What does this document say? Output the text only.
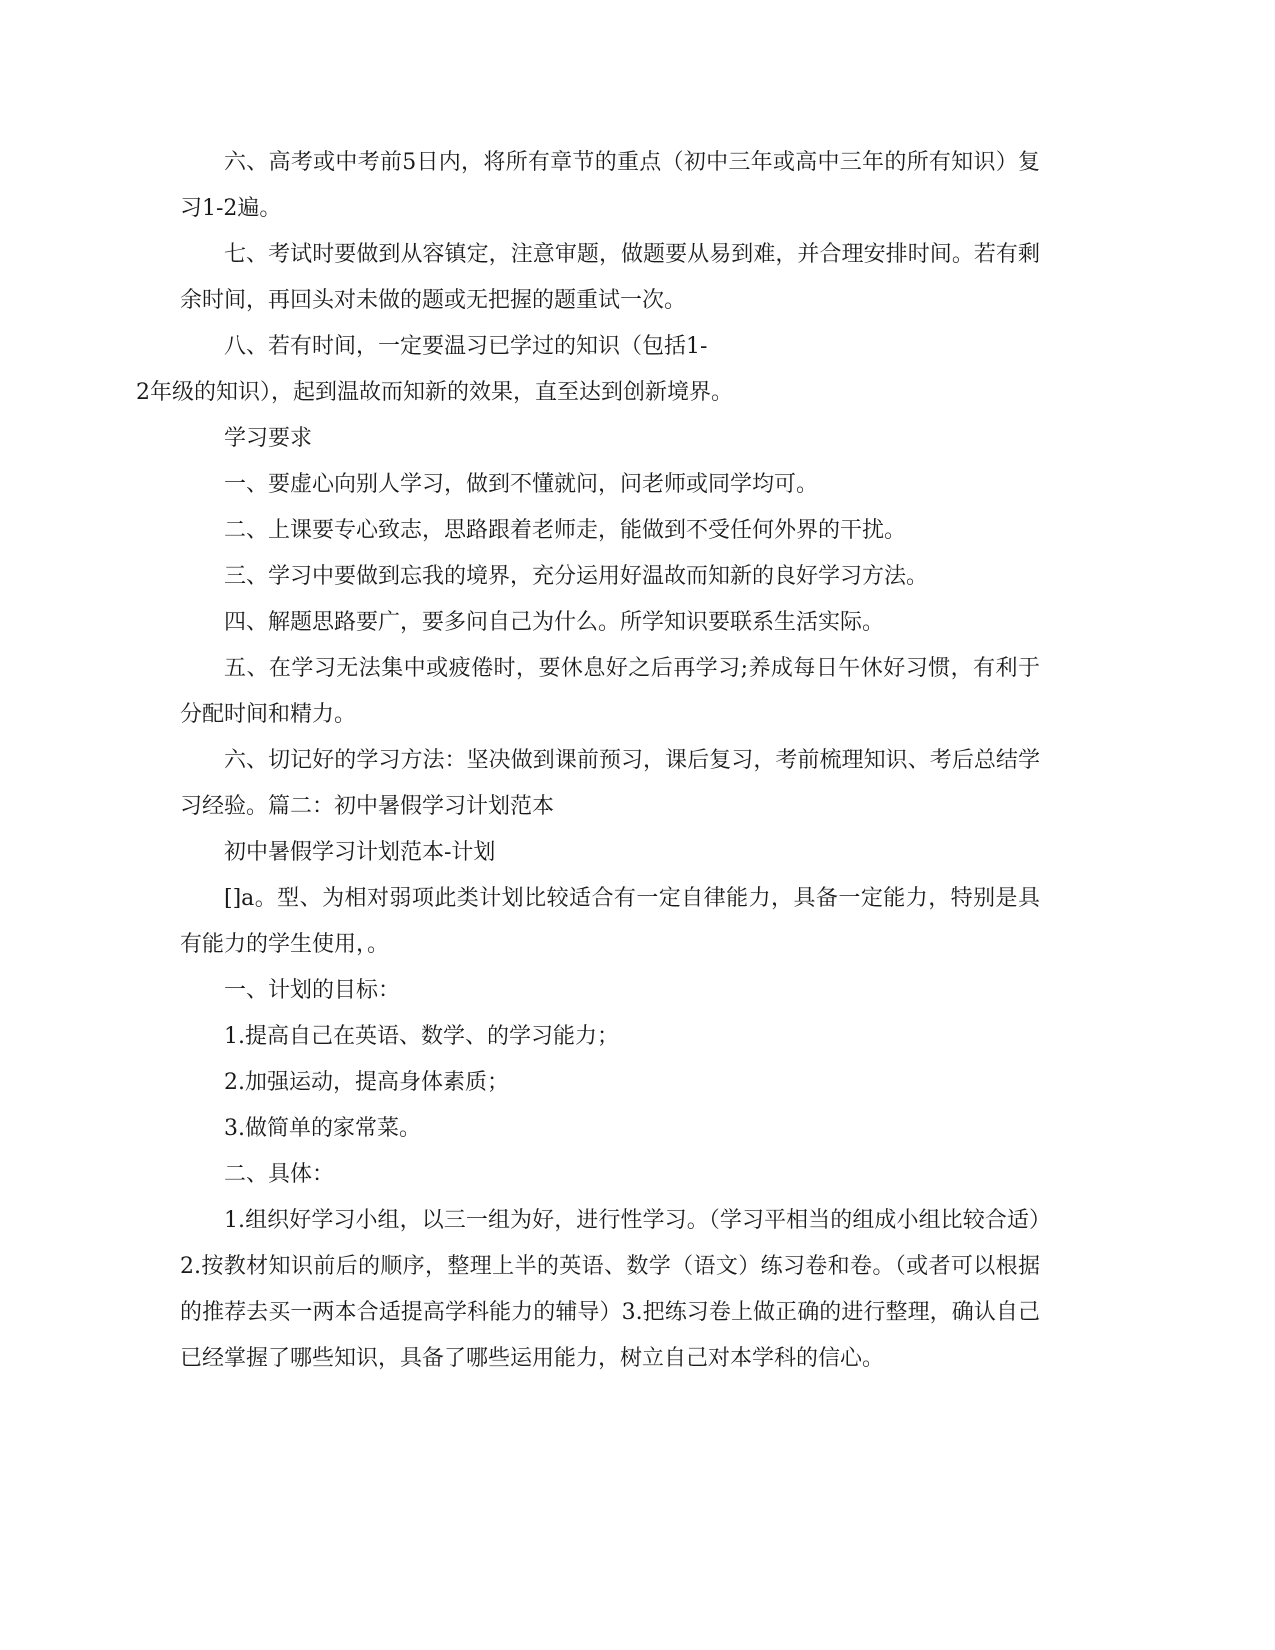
六、高考或中考前5日内，将所有章节的重点（初中三年或高中三年的所有知识）复习1-2遍。

七、考试时要做到从容镇定，注意审题，做题要从易到难，并合理安排时间。若有剩余时间，再回头对未做的题或无把握的题重试一次。

八、若有时间，一定要温习已学过的知识（包括1-
2年级的知识），起到温故而知新的效果，直至达到创新境界。

学习要求

一、要虚心向别人学习，做到不懂就问，问老师或同学均可。

二、上课要专心致志，思路跟着老师走，能做到不受任何外界的干扰。

三、学习中要做到忘我的境界，充分运用好温故而知新的良好学习方法。

四、解题思路要广，要多问自己为什么。所学知识要联系生活实际。

五、在学习无法集中或疲倦时，要休息好之后再学习;养成每日午休好习惯，有利于分配时间和精力。

六、切记好的学习方法：坚决做到课前预习，课后复习，考前梳理知识、考后总结学习经验。篇二：初中暑假学习计划范本

初中暑假学习计划范本-计划

[]a。型、为相对弱项此类计划比较适合有一定自律能力，具备一定能力，特别是具有能力的学生使用，。

一、计划的目标：

1.提高自己在英语、数学、的学习能力；

2.加强运动，提高身体素质；

3.做简单的家常菜。

二、具体：

1.组织好学习小组，以三一组为好，进行性学习。（学习平相当的组成小组比较合适）2.按教材知识前后的顺序，整理上半的英语、数学（语文）练习卷和卷。（或者可以根据的推荐去买一两本合适提高学科能力的辅导）3.把练习卷上做正确的进行整理，确认自己已经掌握了哪些知识，具备了哪些运用能力，树立自己对本学科的信心。
